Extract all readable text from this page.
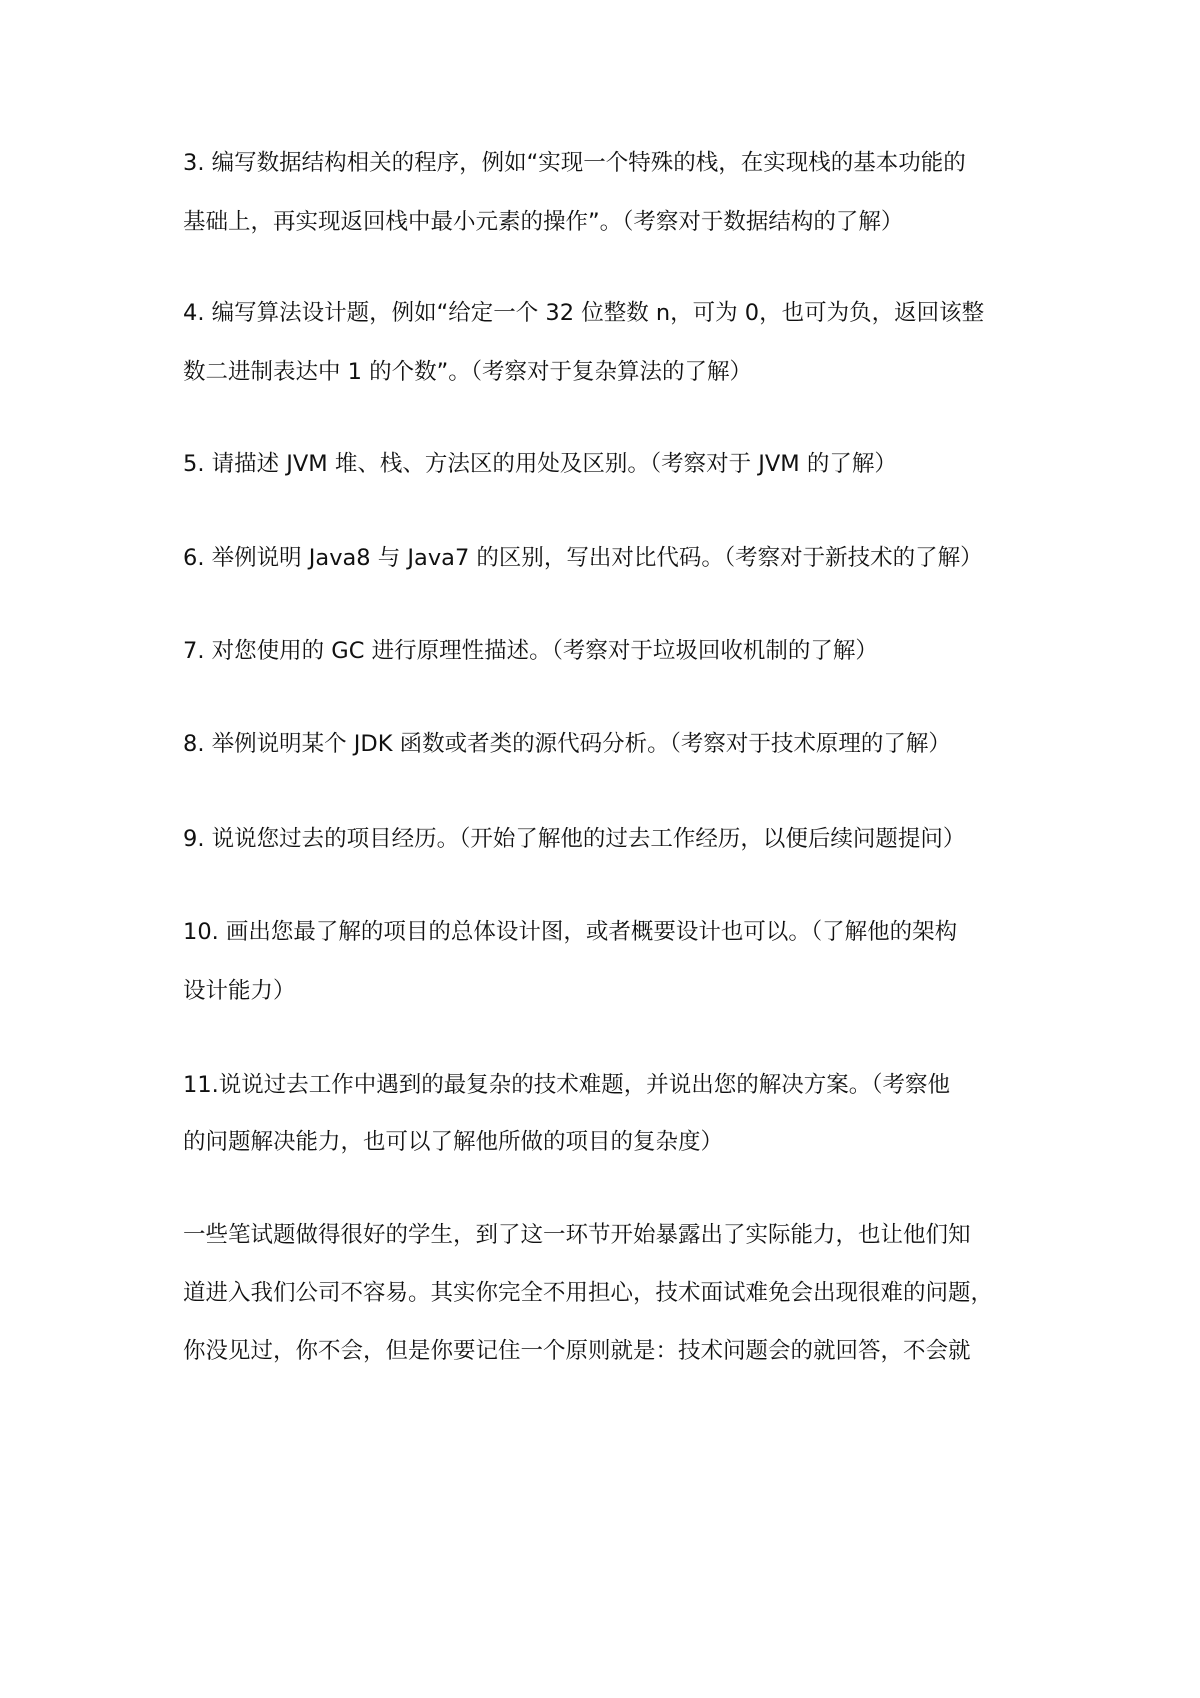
3. 编写数据结构相关的程序，例如“实现一个特殊的栈，在实现栈的基本功能的
基础上，再实现返回栈中最小元素的操作”。（考察对于数据结构的了解）
4. 编写算法设计题，例如“给定一个 32 位整数 n，可为 0，也可为负，返回该整
数二进制表达中 1 的个数”。（考察对于复杂算法的了解）
5. 请描述 JVM 堆、栈、方法区的用处及区别。（考察对于 JVM 的了解）
6. 举例说明 Java8 与 Java7 的区别，写出对比代码。（考察对于新技术的了解）
7. 对您使用的 GC 进行原理性描述。（考察对于垃圾回收机制的了解）
8. 举例说明某个 JDK 函数或者类的源代码分析。（考察对于技术原理的了解）
9. 说说您过去的项目经历。（开始了解他的过去工作经历，以便后续问题提问）
10. 画出您最了解的项目的总体设计图，或者概要设计也可以。（了解他的架构
设计能力）
11.说说过去工作中遇到的最复杂的技术难题，并说出您的解决方案。（考察他
的问题解决能力，也可以了解他所做的项目的复杂度）
一些笔试题做得很好的学生，到了这一环节开始暴露出了实际能力，也让他们知
道进入我们公司不容易。其实你完全不用担心，技术面试难免会出现很难的问题，
你没见过，你不会，但是你要记住一个原则就是：技术问题会的就回答，不会就
